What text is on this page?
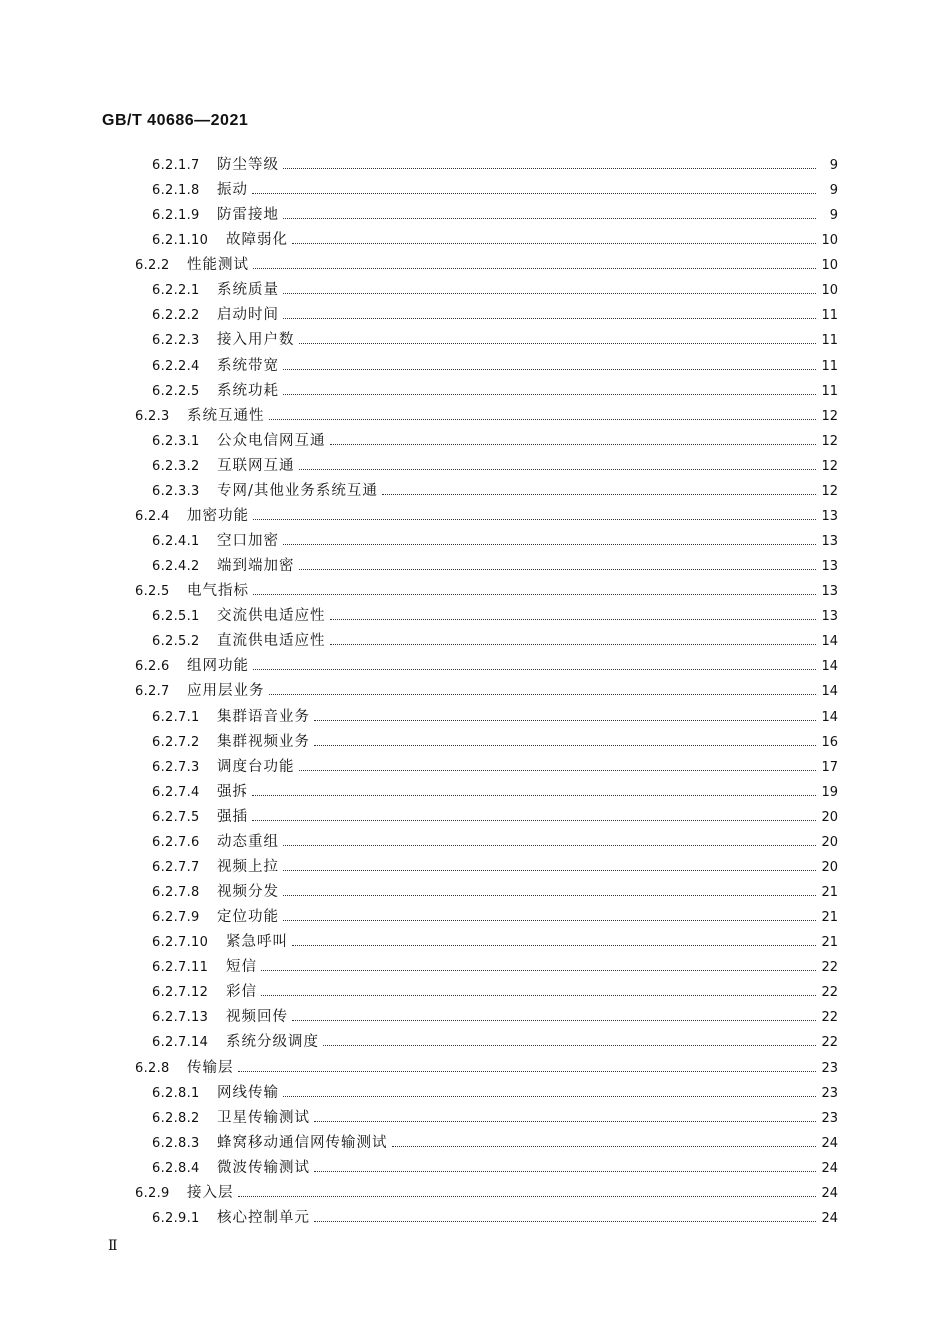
GB/T 40686—2021
6.2.1.7	防尘等级	9
6.2.1.8	振动	9
6.2.1.9	防雷接地	9
6.2.1.10	故障弱化	10
6.2.2	性能测试	10
6.2.2.1	系统质量	10
6.2.2.2	启动时间	11
6.2.2.3	接入用户数	11
6.2.2.4	系统带宽	11
6.2.2.5	系统功耗	11
6.2.3	系统互通性	12
6.2.3.1	公众电信网互通	12
6.2.3.2	互联网互通	12
6.2.3.3	专网/其他业务系统互通	12
6.2.4	加密功能	13
6.2.4.1	空口加密	13
6.2.4.2	端到端加密	13
6.2.5	电气指标	13
6.2.5.1	交流供电适应性	13
6.2.5.2	直流供电适应性	14
6.2.6	组网功能	14
6.2.7	应用层业务	14
6.2.7.1	集群语音业务	14
6.2.7.2	集群视频业务	16
6.2.7.3	调度台功能	17
6.2.7.4	强拆	19
6.2.7.5	强插	20
6.2.7.6	动态重组	20
6.2.7.7	视频上拉	20
6.2.7.8	视频分发	21
6.2.7.9	定位功能	21
6.2.7.10	紧急呼叫	21
6.2.7.11	短信	22
6.2.7.12	彩信	22
6.2.7.13	视频回传	22
6.2.7.14	系统分级调度	22
6.2.8	传输层	23
6.2.8.1	网线传输	23
6.2.8.2	卫星传输测试	23
6.2.8.3	蜂窝移动通信网传输测试	24
6.2.8.4	微波传输测试	24
6.2.9	接入层	24
6.2.9.1	核心控制单元	24
Ⅱ
